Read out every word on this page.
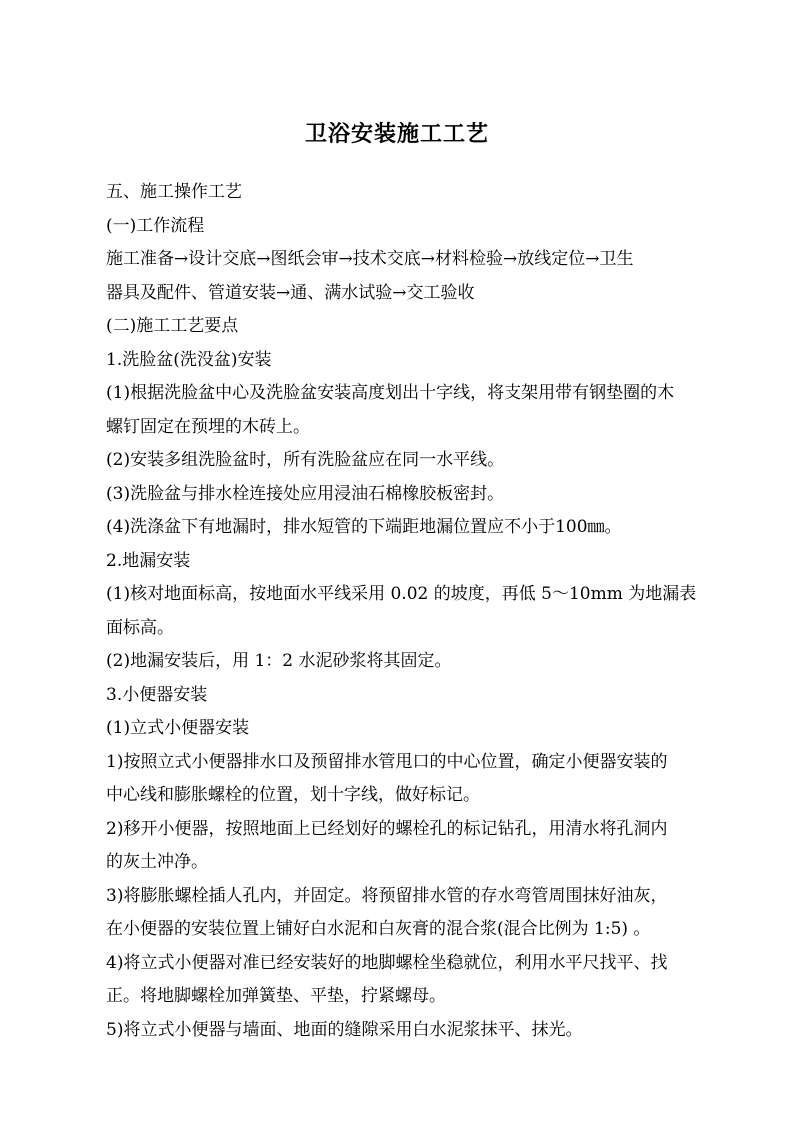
卫浴安装施工工艺
五、施工操作工艺
(一)工作流程
施工准备→设计交底→图纸会审→技术交底→材料检验→放线定位→卫生
器具及配件、管道安装→通、满水试验→交工验收
(二)施工工艺要点
1.洗脸盆(洗没盆)安装
(1)根据洗脸盆中心及洗脸盆安装高度划出十字线，将支架用带有钢垫圈的木
螺钉固定在预埋的木砖上。
(2)安装多组洗脸盆时，所有洗脸盆应在同一水平线。
(3)洗脸盆与排水栓连接处应用浸油石棉橡胶板密封。
(4)洗涤盆下有地漏时，排水短管的下端距地漏位置应不小于100㎜。
2.地漏安装
(1)核对地面标高，按地面水平线采用 0.02 的坡度，再低 5～10mm 为地漏表
面标高。
(2)地漏安装后，用 1：2 水泥砂浆将其固定。
3.小便器安装
(1)立式小便器安装
1)按照立式小便器排水口及预留排水管甩口的中心位置，确定小便器安装的
中心线和膨胀螺栓的位置，划十字线，做好标记。
2)移开小便器，按照地面上已经划好的螺栓孔的标记钻孔，用清水将孔洞内
的灰土冲净。
3)将膨胀螺栓插人孔内，并固定。将预留排水管的存水弯管周围抹好油灰，
在小便器的安装位置上铺好白水泥和白灰膏的混合浆(混合比例为 1:5) 。
4)将立式小便器对准已经安装好的地脚螺栓坐稳就位，利用水平尺找平、找
正。将地脚螺栓加弹簧垫、平垫，拧紧螺母。
5)将立式小便器与墙面、地面的缝隙采用白水泥浆抹平、抹光。
